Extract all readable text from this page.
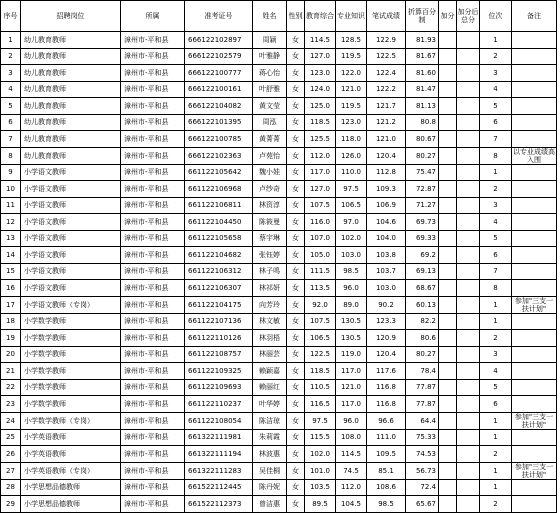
序号	招聘岗位	所属	准考证号	姓名	性别	教育综合	专业知识	笔试成绩	折算百分制	加分	加分后总分	位次	备注
1	幼儿教育教师	漳州市-平和县	666122102897	周颖	女	114.5	128.5	122.9	81.93			1	
2	幼儿教育教师	漳州市-平和县	666122102579	叶雅静	女	127.0	119.5	122.5	81.67			2	
3	幼儿教育教师	漳州市-平和县	666122100777	蒋心怡	女	123.0	122.0	122.4	81.60			3	
4	幼儿教育教师	漳州市-平和县	666122100161	叶舒雅	女	124.0	121.0	122.2	81.47			4	
5	幼儿教育教师	漳州市-平和县	666122104082	黄文莹	女	125.0	119.5	121.7	81.13			5	
6	幼儿教育教师	漳州市-平和县	666122101395	周泓	女	118.5	123.0	121.2	80.8			6	
7	幼儿教育教师	漳州市-平和县	666122100785	黄菁菁	女	125.5	118.0	121.0	80.67			7	
8	幼儿教育教师	漳州市-平和县	666122102363	卢苑怡	女	112.0	126.0	120.4	80.27			8	以专业成绩高入围
9	小学语文教师	漳州市-平和县	661122105642	魏小娃	女	117.0	110.0	112.8	75.47			1	
10	小学语文教师	漳州市-平和县	661122106968	卢纱奇	女	127.0	97.5	109.3	72.87			2	
11	小学语文教师	漳州市-平和县	661122106811	林资淳	女	107.5	106.5	106.9	71.27			3	
12	小学语文教师	漳州市-平和县	661122104450	陈筱曼	女	116.0	97.0	104.6	69.73			4	
13	小学语文教师	漳州市-平和县	661122105658	蔡宇琳	女	107.0	102.0	104.0	69.33			5	
14	小学语文教师	漳州市-平和县	661122104682	张钰婷	女	105.0	103.0	103.8	69.2			6	
15	小学语文教师	漳州市-平和县	661122106312	林子鸣	女	111.5	98.5	103.7	69.13			7	
16	小学语文教师	漳州市-平和县	661122106307	林祁妍	女	113.5	96.0	103.0	68.67			8	
17	小学语文教师（专岗）	漳州市-平和县	661122104175	向芳玲	女	92.0	89.0	90.2	60.13			1	参加"三支一扶计划"
18	小学数学教师	漳州市-平和县	661122107136	林文敏	女	107.5	130.5	123.3	82.2			1	
19	小学数学教师	漳州市-平和县	661122110126	林羽梧	女	106.5	130.5	120.9	80.6			2	
20	小学数学教师	漳州市-平和县	661122108757	林丽芸	女	122.5	119.0	120.4	80.27			3	
21	小学数学教师	漳州市-平和县	661122109325	赖颖嘉	女	118.5	117.0	117.6	78.4			4	
22	小学数学教师	漳州市-平和县	661122109693	赖丽红	女	110.5	121.0	116.8	77.87			5	
23	小学数学教师	漳州市-平和县	661122110237	叶华婷	女	116.5	117.0	116.8	77.87			6	
24	小学数学教师（专岗）	漳州市-平和县	661122108054	陈洁琼	女	97.5	96.0	96.6	64.4			1	参加"三支一扶计划"
25	小学英语教师	漳州市-平和县	661322111981	朱莉霞	女	115.5	108.0	111.0	75.33			1	
26	小学英语教师	漳州市-平和县	661322111194	林波惠	女	102.0	114.5	109.5	74.53			2	
27	小学英语教师（专岗）	漳州市-平和县	661322111283	吴佳桐	女	101.0	74.5	85.1	56.73			1	参加"三支一扶计划"
28	小学思想品德教师	漳州市-平和县	661522112445	陈丹妮	女	103.5	112.0	108.6	72.4			1	
29	小学思想品德教师	漳州市-平和县	661522112373	曾洁惠	女	89.5	104.5	98.5	65.67			2	
